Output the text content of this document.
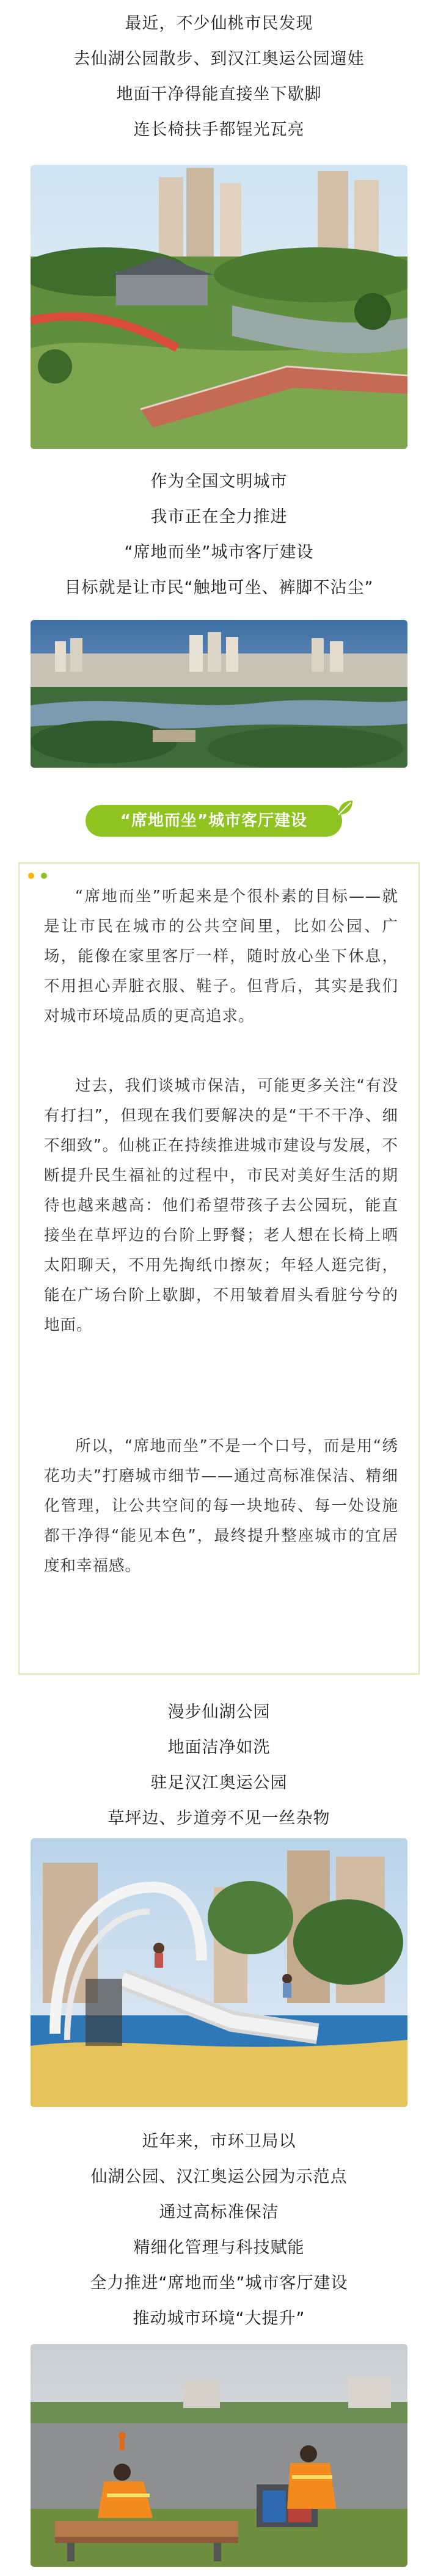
最近，不少仙桃市民发现
去仙湖公园散步、到汉江奥运公园遛娃
地面干净得能直接坐下歇脚
连长椅扶手都锃光瓦亮
作为全国文明城市
我市正在全力推进
“席地而坐”城市客厅建设
目标就是让市民“触地可坐、裤脚不沾尘”
“席地而坐”城市客厅建设

“席地而坐”听起来是个很朴素的目标——就是让市民在城市的公共空间里，比如公园、广场，能像在家里客厅一样，随时放心坐下休息，不用担心弄脏衣服、鞋子。但背后，其实是我们对城市环境品质的更高追求。
过去，我们谈城市保洁，可能更多关注“有没有打扫”，但现在我们要解决的是“干不干净、细不细致”。仙桃正在持续推进城市建设与发展，不断提升民生福祉的过程中，市民对美好生活的期待也越来越高：他们希望带孩子去公园玩，能直接坐在草坪边的台阶上野餐；老人想在长椅上晒太阳聊天，不用先掏纸巾擦灰；年轻人逛完街，能在广场台阶上歇脚，不用皱着眉头看脏兮兮的地面。
所以，“席地而坐”不是一个口号，而是用“绣花功夫”打磨城市细节——通过高标准保洁、精细化管理，让公共空间的每一块地砖、每一处设施都干净得“能见本色”，最终提升整座城市的宜居度和幸福感。
漫步仙湖公园
地面洁净如洗
驻足汉江奥运公园
草坪边、步道旁不见一丝杂物
近年来，市环卫局以
仙湖公园、汉江奥运公园为示范点
通过高标准保洁
精细化管理与科技赋能
全力推进“席地而坐”城市客厅建设
推动城市环境“大提升”
